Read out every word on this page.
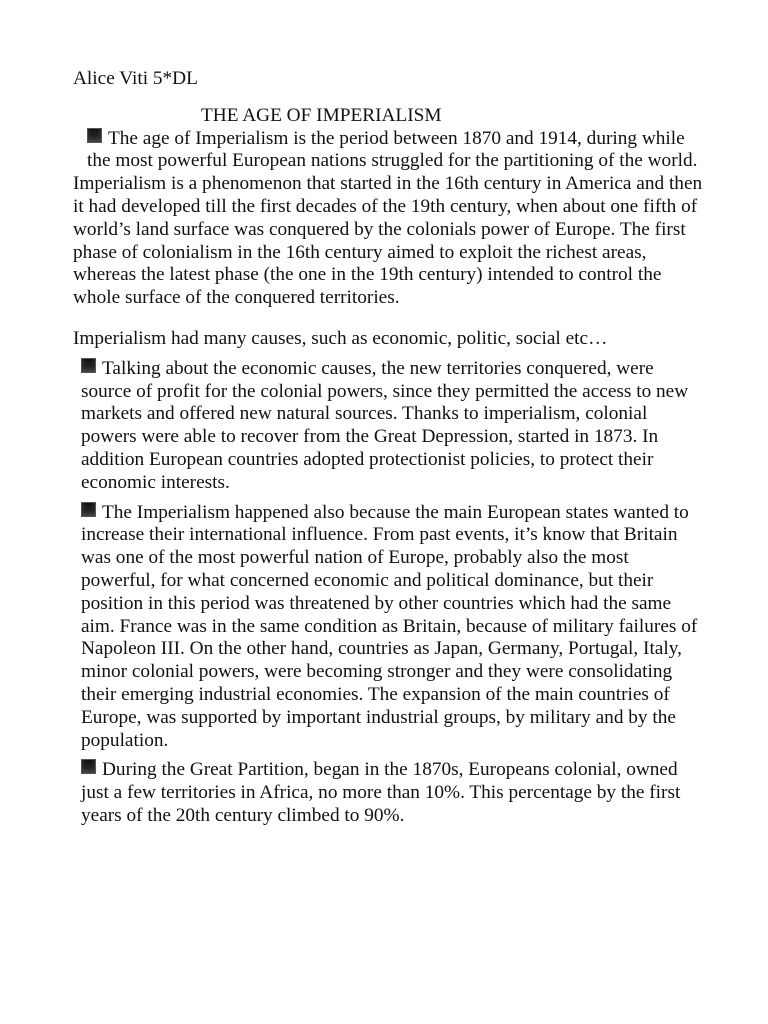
Alice Viti 5*DL

THE AGE OF IMPERIALISM

The age of Imperialism is the period between 1870 and 1914, during while the most powerful European nations struggled for the partitioning of the world.

Imperialism is a phenomenon that started in the 16th century in America and then it had developed till the first decades of the 19th century, when about one fifth of world’s land surface was conquered by the colonials power of Europe. The first phase of colonialism in the 16th century aimed to exploit the richest areas, whereas the latest phase (the one in the 19th century) intended to control the whole surface of the conquered territories.

Imperialism had many causes, such as economic, politic, social etc…

Talking about the economic causes, the new territories conquered, were source of profit for the colonial powers, since they permitted the access to new markets and offered new natural sources. Thanks to imperialism, colonial powers were able to recover from the Great Depression, started in 1873. In addition European countries adopted protectionist policies, to protect their economic interests.

The Imperialism happened also because the main European states wanted to increase their international influence. From past events, it’s know that Britain was one of the most powerful nation of Europe, probably also the most powerful, for what concerned economic and political dominance, but their position in this period was threatened by other countries which had the same aim. France was in the same condition as Britain, because of military failures of Napoleon III. On the other hand, countries as Japan, Germany, Portugal, Italy, minor colonial powers, were becoming stronger and they were consolidating their emerging industrial economies. The expansion of the main countries of Europe, was supported by important industrial groups, by military and by the population.

During the Great Partition, began in the 1870s, Europeans colonial, owned just a few territories in Africa, no more than 10%. This percentage by the first years of the 20th century climbed to 90%.
